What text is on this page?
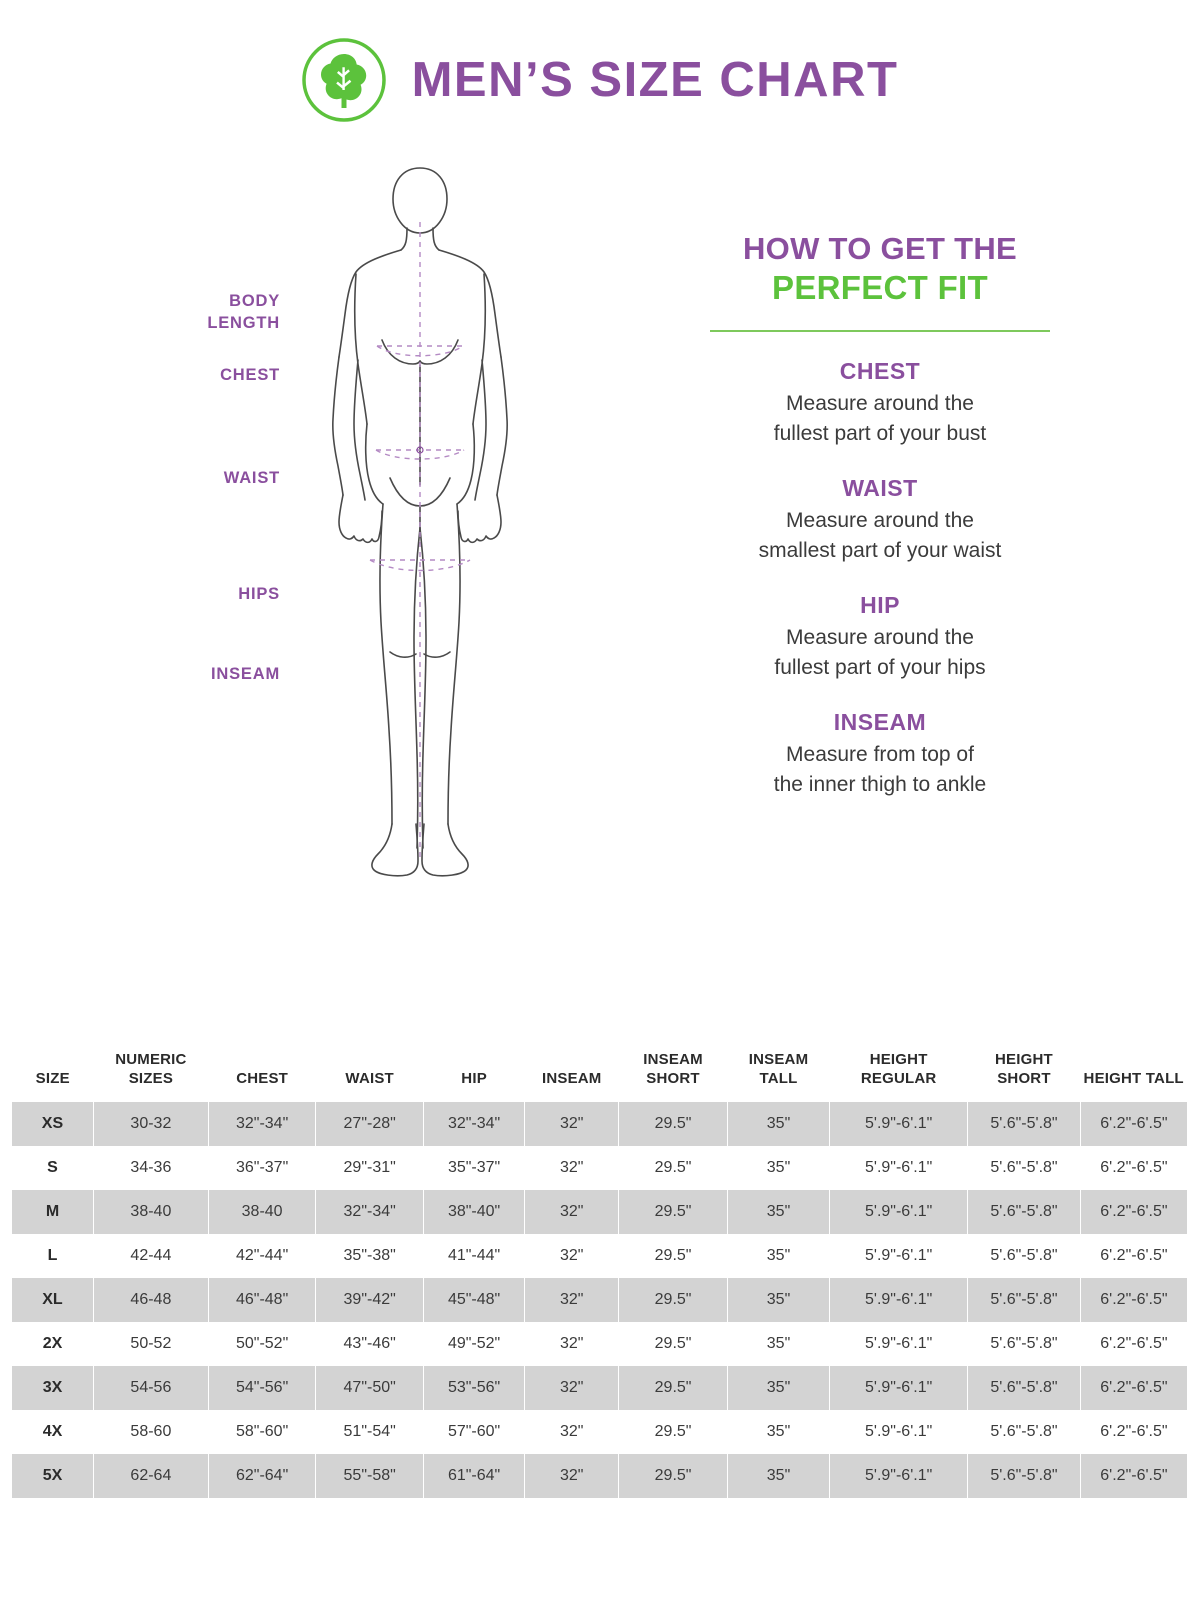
MEN’S SIZE CHART
BODY
LENGTH
CHEST
WAIST
HIPS
INSEAM
HOW TO GET THE
PERFECT FIT
CHEST

Measure around the

fullest part of your bust

WAIST

Measure around the

smallest part of your waist

HIP

Measure around the

fullest part of your hips

INSEAM

Measure from top of

the inner thigh to ankle

SIZE	NUMERIC SIZES	CHEST	WAIST	HIP	INSEAM	INSEAM SHORT	INSEAM TALL	HEIGHT REGULAR	HEIGHT SHORT	HEIGHT TALL
XS	30-32	32"-34"	27"-28"	32"-34"	32"	29.5"	35"	5'.9"-6'.1"	5'.6"-5'.8"	6'.2"-6'.5"
S	34-36	36"-37"	29"-31"	35"-37"	32"	29.5"	35"	5'.9"-6'.1"	5'.6"-5'.8"	6'.2"-6'.5"
M	38-40	38-40	32"-34"	38"-40"	32"	29.5"	35"	5'.9"-6'.1"	5'.6"-5'.8"	6'.2"-6'.5"
L	42-44	42"-44"	35"-38"	41"-44"	32"	29.5"	35"	5'.9"-6'.1"	5'.6"-5'.8"	6'.2"-6'.5"
XL	46-48	46"-48"	39"-42"	45"-48"	32"	29.5"	35"	5'.9"-6'.1"	5'.6"-5'.8"	6'.2"-6'.5"
2X	50-52	50"-52"	43"-46"	49"-52"	32"	29.5"	35"	5'.9"-6'.1"	5'.6"-5'.8"	6'.2"-6'.5"
3X	54-56	54"-56"	47"-50"	53"-56"	32"	29.5"	35"	5'.9"-6'.1"	5'.6"-5'.8"	6'.2"-6'.5"
4X	58-60	58"-60"	51"-54"	57"-60"	32"	29.5"	35"	5'.9"-6'.1"	5'.6"-5'.8"	6'.2"-6'.5"
5X	62-64	62"-64"	55"-58"	61"-64"	32"	29.5"	35"	5'.9"-6'.1"	5'.6"-5'.8"	6'.2"-6'.5"
